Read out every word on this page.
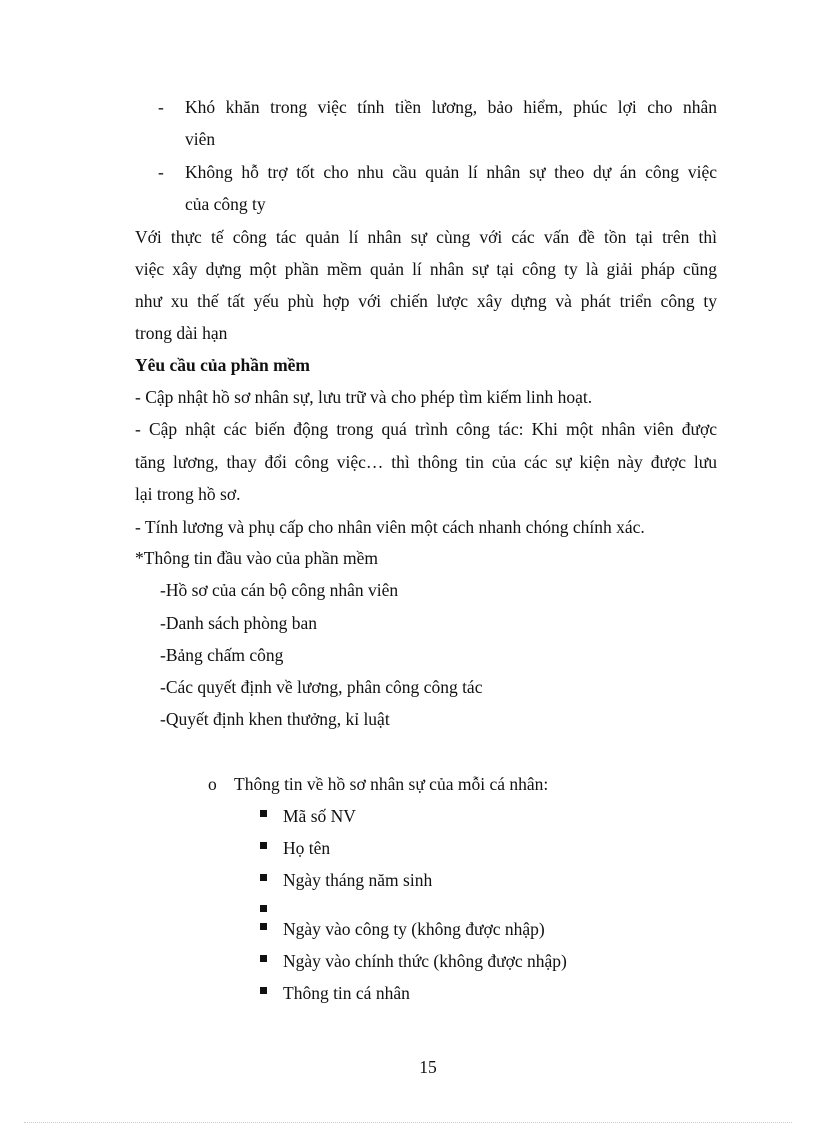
- Khó khăn trong việc tính tiền lương, bảo hiểm, phúc lợi cho nhân
viên
- Không hỗ trợ tốt cho nhu cầu quản lí nhân sự theo dự án công việc
của công ty
Với thực tế công tác quản lí nhân sự cùng với các vấn đề tồn tại trên thì
việc xây dựng một phần mềm quản lí nhân sự tại công ty là giải pháp cũng
như xu thế tất yếu phù hợp với chiến lược xây dựng và phát triển công ty
trong dài hạn
Yêu cầu của phần mềm
- Cập nhật hồ sơ nhân sự, lưu trữ và cho phép tìm kiếm linh hoạt.
- Cập nhật các biến động trong quá trình công tác: Khi một nhân viên được
tăng lương, thay đổi công việc… thì thông tin của các sự kiện này được lưu
lại trong hồ sơ.
- Tính lương và phụ cấp cho nhân viên một cách nhanh chóng chính xác.
*Thông tin đầu vào của phần mềm
-Hồ sơ của cán bộ công nhân viên
-Danh sách phòng ban
-Bảng chấm công
-Các quyết định về lương, phân công công tác
-Quyết định khen thưởng, kỉ luật
o Thông tin về hồ sơ nhân sự của mỗi cá nhân:
Mã số NV
Họ tên
Ngày tháng năm sinh
Ngày vào công ty (không được nhập)
Ngày vào chính thức (không được nhập)
Thông tin cá nhân
15
